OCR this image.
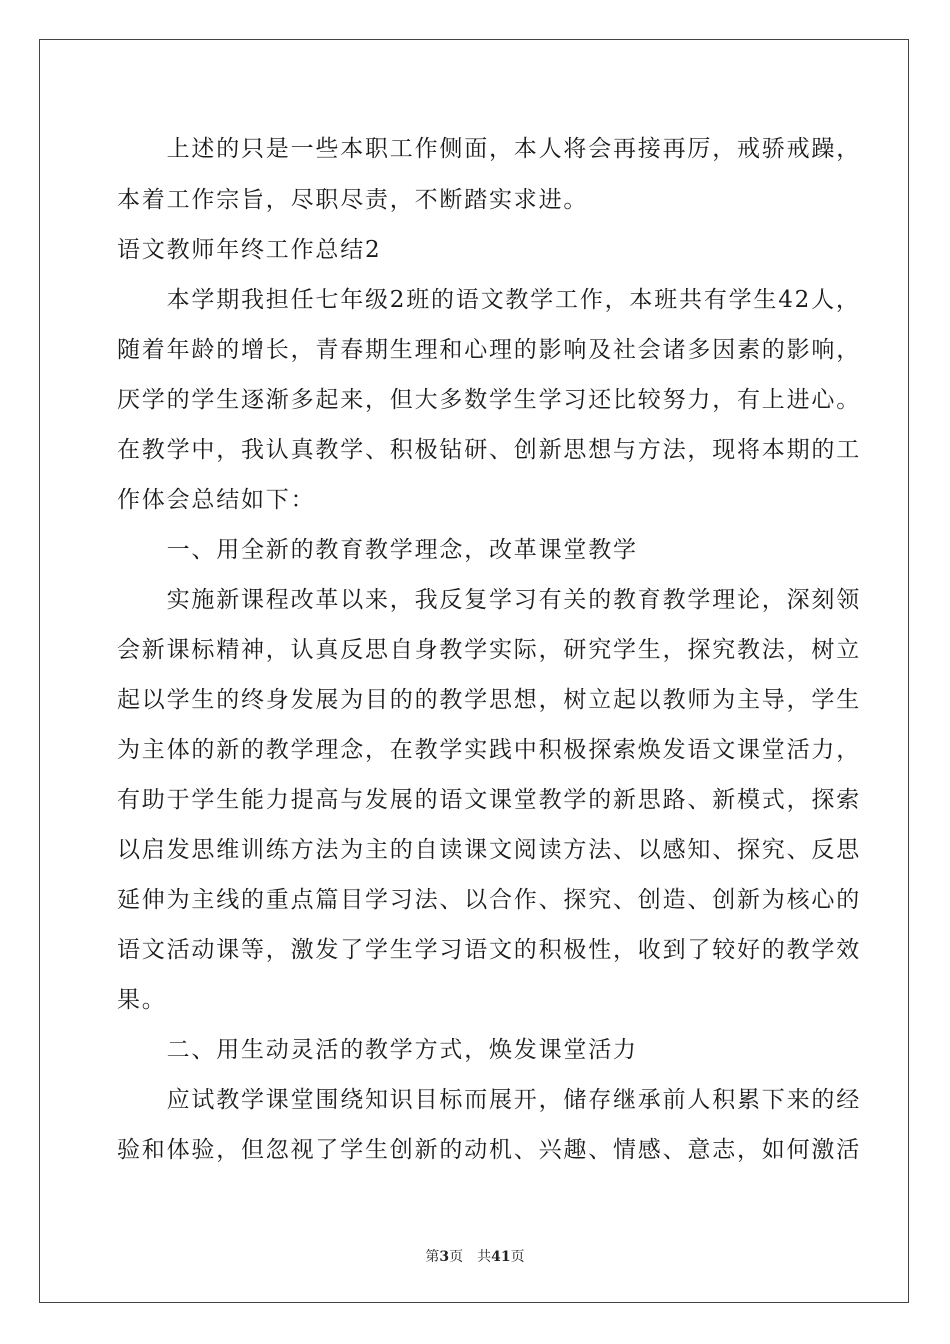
　　上述的只是一些本职工作侧面，本人将会再接再厉，戒骄戒躁，
本着工作宗旨，尽职尽责，不断踏实求进。
语文教师年终工作总结2
　　本学期我担任七年级2班的语文教学工作，本班共有学生42人，
随着年龄的增长，青春期生理和心理的影响及社会诸多因素的影响，
厌学的学生逐渐多起来，但大多数学生学习还比较努力，有上进心。
在教学中，我认真教学、积极钻研、创新思想与方法，现将本期的工
作体会总结如下：
　　一、用全新的教育教学理念，改革课堂教学
　　实施新课程改革以来，我反复学习有关的教育教学理论，深刻领
会新课标精神，认真反思自身教学实际，研究学生，探究教法，树立
起以学生的终身发展为目的的教学思想，树立起以教师为主导，学生
为主体的新的教学理念，在教学实践中积极探索焕发语文课堂活力，
有助于学生能力提高与发展的语文课堂教学的新思路、新模式，探索
以启发思维训练方法为主的自读课文阅读方法、以感知、探究、反思
延伸为主线的重点篇目学习法、以合作、探究、创造、创新为核心的
语文活动课等，激发了学生学习语文的积极性，收到了较好的教学效
果。
　　二、用生动灵活的教学方式，焕发课堂活力
　　应试教学课堂围绕知识目标而展开，储存继承前人积累下来的经
验和体验，但忽视了学生创新的动机、兴趣、情感、意志，如何激活
第3页 共41页
